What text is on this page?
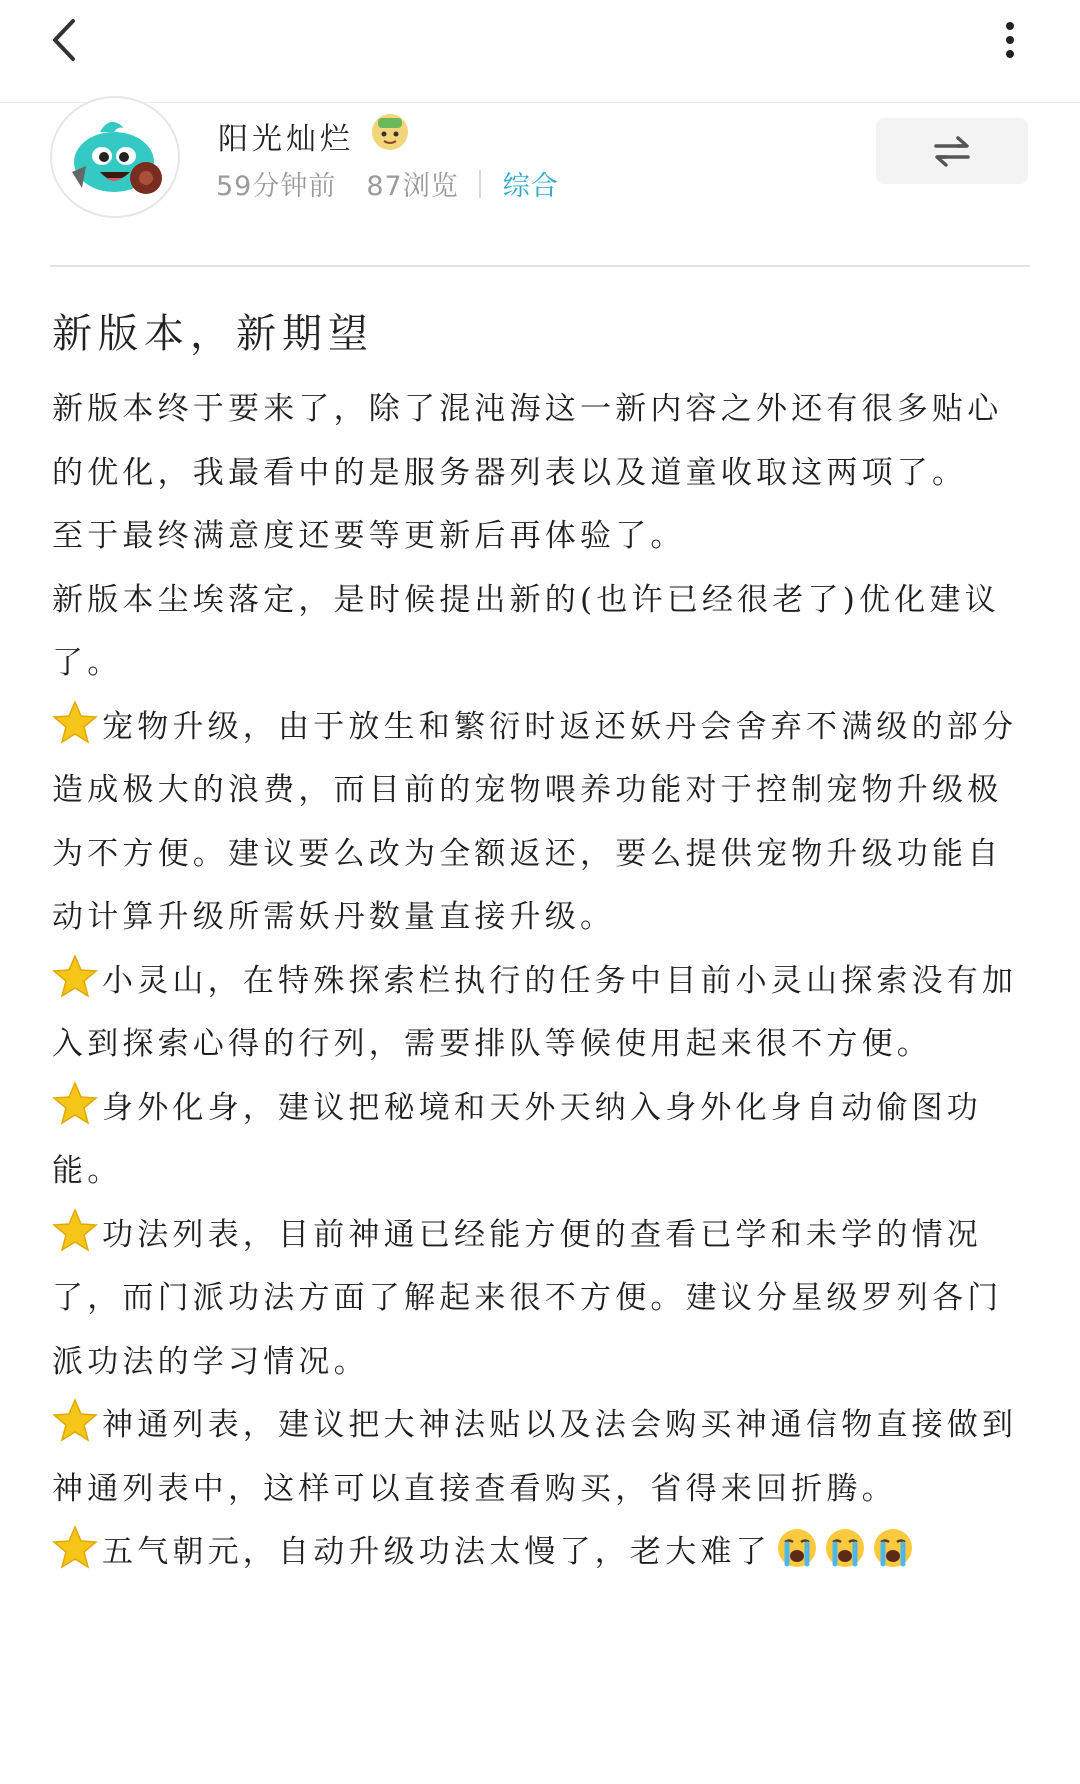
阳光灿烂
59分钟前 87浏览 综合
新版本，新期望

新版本终于要来了，除了混沌海这一新内容之外还有很多贴心的优化，我最看中的是服务器列表以及道童收取这两项了。

至于最终满意度还要等更新后再体验了。

新版本尘埃落定，是时候提出新的(也许已经很老了)优化建议了。

宠物升级，由于放生和繁衍时返还妖丹会舍弃不满级的部分造成极大的浪费，而目前的宠物喂养功能对于控制宠物升级极为不方便。建议要么改为全额返还，要么提供宠物升级功能自动计算升级所需妖丹数量直接升级。

小灵山，在特殊探索栏执行的任务中目前小灵山探索没有加入到探索心得的行列，需要排队等候使用起来很不方便。

身外化身，建议把秘境和天外天纳入身外化身自动偷图功能。

功法列表，目前神通已经能方便的查看已学和未学的情况了，而门派功法方面了解起来很不方便。建议分星级罗列各门派功法的学习情况。

神通列表，建议把大神法贴以及法会购买神通信物直接做到神通列表中，这样可以直接查看购买，省得来回折腾。

五气朝元，自动升级功法太慢了，老大难了
